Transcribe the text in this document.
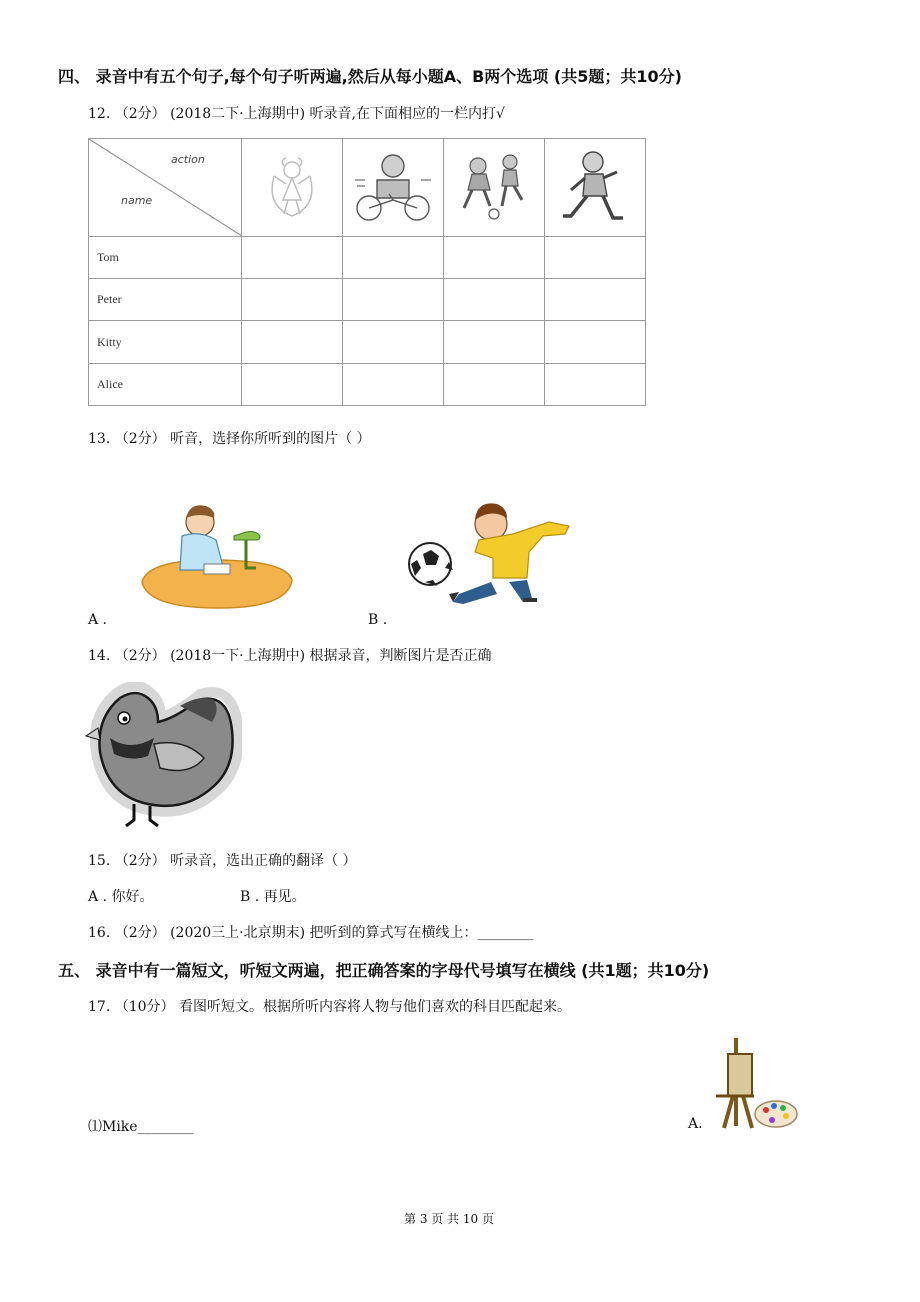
四、 录音中有五个句子,每个句子听两遍,然后从每小题A、B两个选项 (共5题；共10分)
12. （2分） (2018二下·上海期中) 听录音,在下面相应的一栏内打√
action
name

Tom				
Peter				
Kitty				
Alice				
13. （2分） 听音，选择你所听到的图片（ ）
A .	B .
14. （2分） (2018一下·上海期中) 根据录音，判断图片是否正确
15. （2分） 听录音，选出正确的翻译（ ）
A . 你好。	B . 再见。
16. （2分） (2020三上·北京期末) 把听到的算式写在横线上：________
五、 录音中有一篇短文，听短文两遍，把正确答案的字母代号填写在横线 (共1题；共10分)
17. （10分） 看图听短文。根据所听内容将人物与他们喜欢的科目匹配起来。
⑴Mike________	A.
第 3 页 共 10 页
